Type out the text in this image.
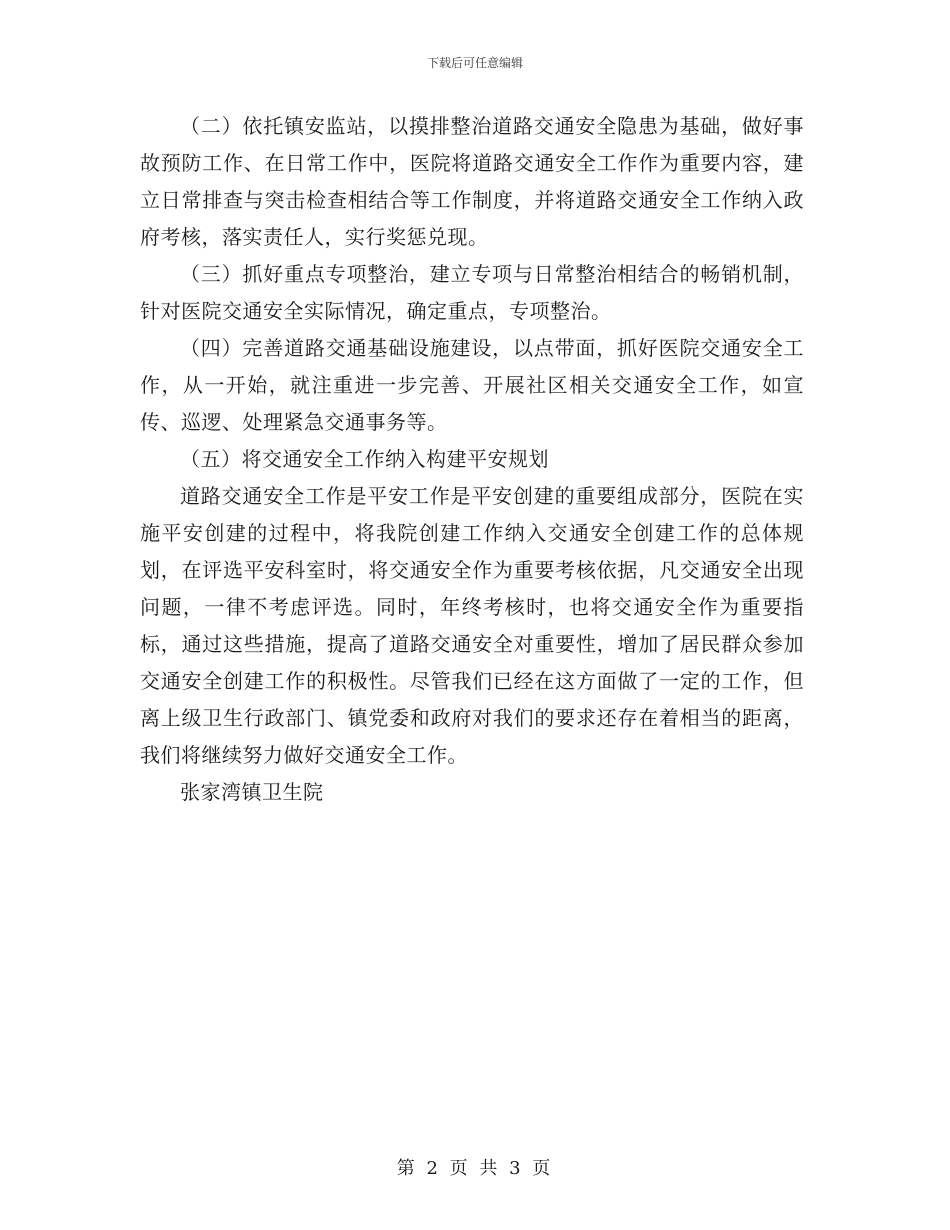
下载后可任意编辑

（二）依托镇安监站，以摸排整治道路交通安全隐患为基础，做好事故预防工作、在日常工作中，医院将道路交通安全工作作为重要内容，建立日常排查与突击检查相结合等工作制度，并将道路交通安全工作纳入政府考核，落实责任人，实行奖惩兑现。

（三）抓好重点专项整治，建立专项与日常整治相结合的畅销机制，针对医院交通安全实际情况，确定重点，专项整治。

（四）完善道路交通基础设施建设，以点带面，抓好医院交通安全工作，从一开始，就注重进一步完善、开展社区相关交通安全工作，如宣传、巡逻、处理紧急交通事务等。

（五）将交通安全工作纳入构建平安规划

道路交通安全工作是平安工作是平安创建的重要组成部分，医院在实施平安创建的过程中，将我院创建工作纳入交通安全创建工作的总体规划，在评选平安科室时，将交通安全作为重要考核依据，凡交通安全出现问题，一律不考虑评选。同时，年终考核时，也将交通安全作为重要指标，通过这些措施，提高了道路交通安全对重要性，增加了居民群众参加交通安全创建工作的积极性。尽管我们已经在这方面做了一定的工作，但离上级卫生行政部门、镇党委和政府对我们的要求还存在着相当的距离，我们将继续努力做好交通安全工作。

张家湾镇卫生院

第 2 页 共 3 页
